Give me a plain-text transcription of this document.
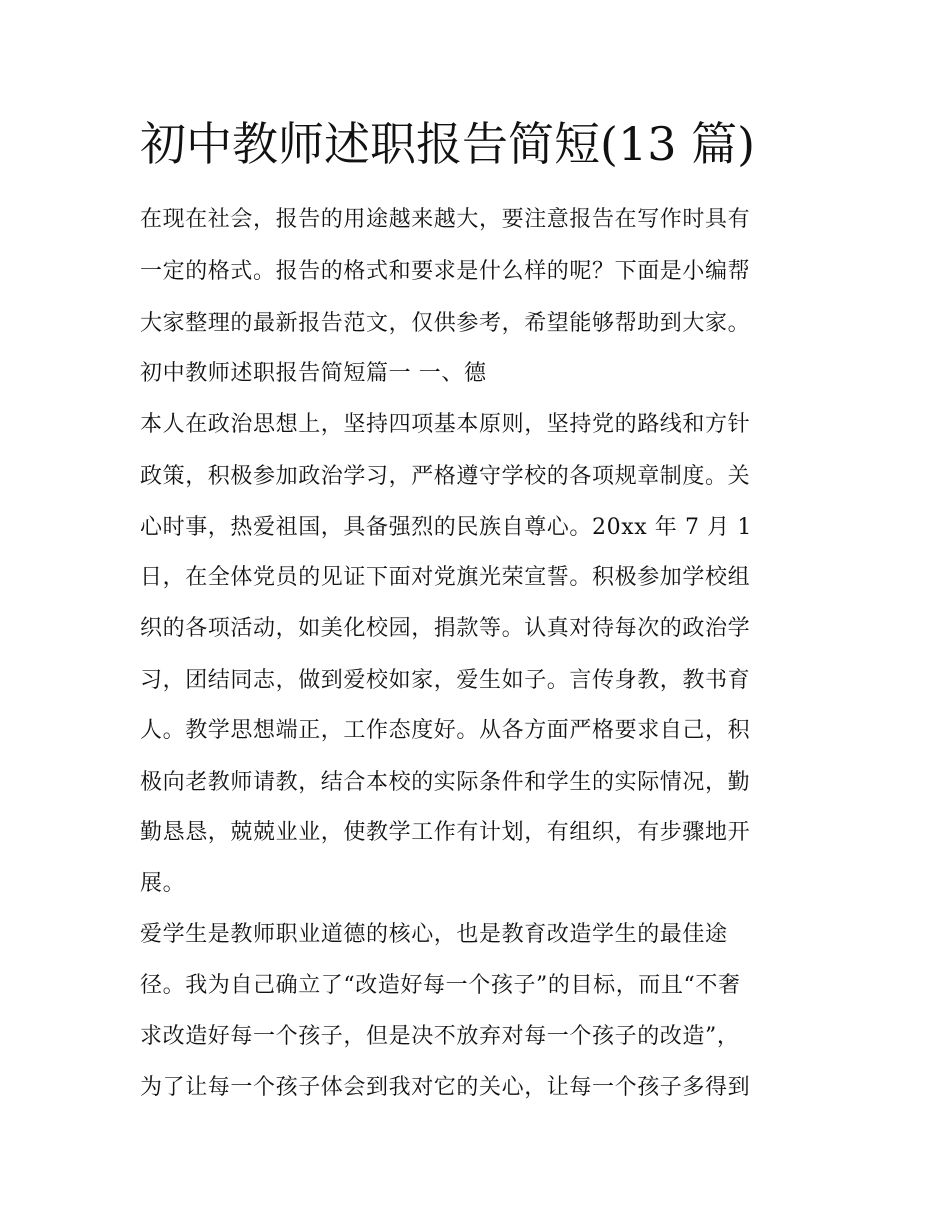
初中教师述职报告简短(13 篇)
在现在社会，报告的用途越来越大，要注意报告在写作时具有
一定的格式。报告的格式和要求是什么样的呢？下面是小编帮
大家整理的最新报告范文，仅供参考，希望能够帮助到大家。
初中教师述职报告简短篇一 一、德
本人在政治思想上，坚持四项基本原则，坚持党的路线和方针
政策，积极参加政治学习，严格遵守学校的各项规章制度。关
心时事，热爱祖国，具备强烈的民族自尊心。20xx 年 7 月 1
日，在全体党员的见证下面对党旗光荣宣誓。积极参加学校组
织的各项活动，如美化校园，捐款等。认真对待每次的政治学
习，团结同志，做到爱校如家，爱生如子。言传身教，教书育
人。教学思想端正，工作态度好。从各方面严格要求自己，积
极向老教师请教，结合本校的实际条件和学生的实际情况，勤
勤恳恳，兢兢业业，使教学工作有计划，有组织，有步骤地开
展。
爱学生是教师职业道德的核心，也是教育改造学生的最佳途
径。我为自己确立了“改造好每一个孩子”的目标，而且“不奢
求改造好每一个孩子，但是决不放弃对每一个孩子的改造”，
为了让每一个孩子体会到我对它的关心，让每一个孩子多得到
